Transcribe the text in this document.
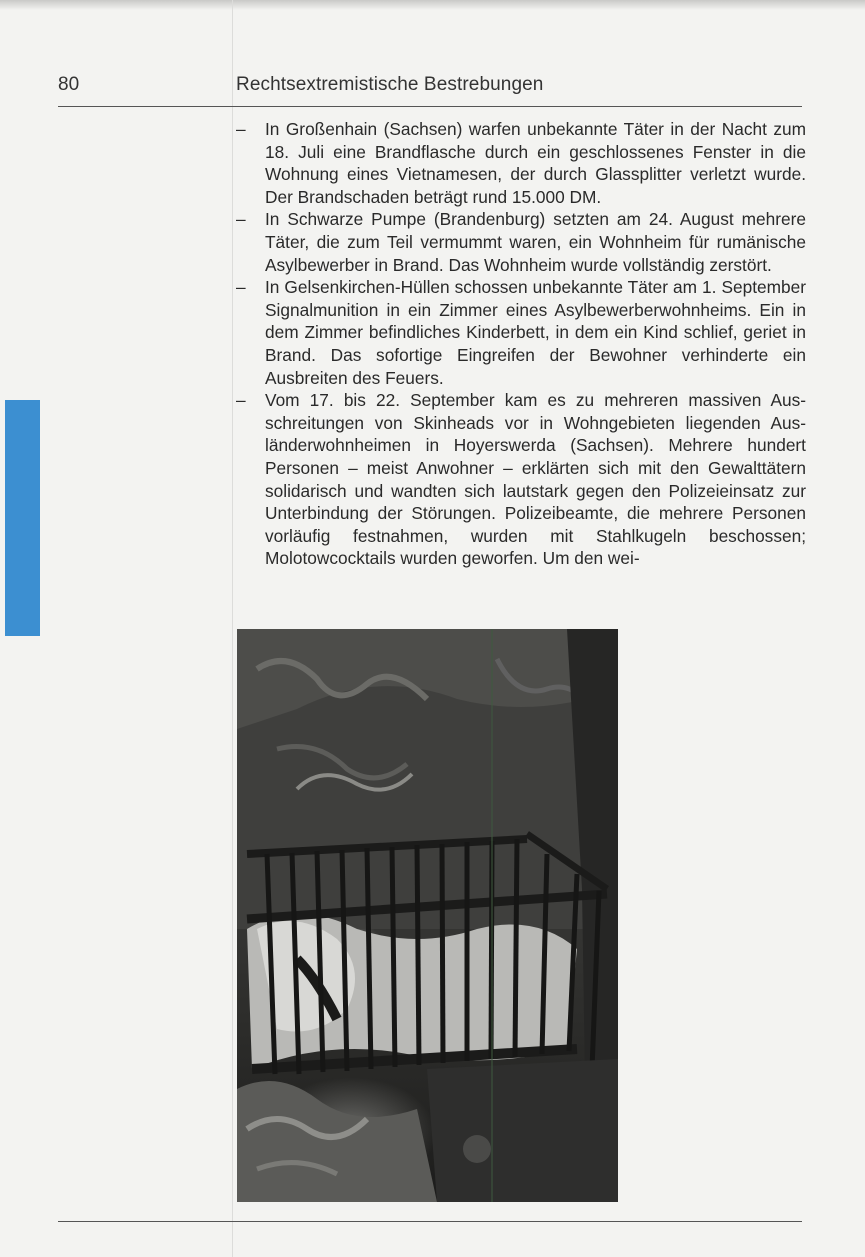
80	Rechtsextremistische Bestrebungen
– In Großenhain (Sachsen) warfen unbekannte Täter in der Nacht zum 18. Juli eine Brandflasche durch ein geschlossenes Fenster in die Wohnung eines Vietnamesen, der durch Glassplitter verletzt wurde. Der Brandschaden beträgt rund 15.000 DM.
– In Schwarze Pumpe (Brandenburg) setzten am 24. August mehrere Täter, die zum Teil vermummt waren, ein Wohnheim für rumänische Asylbewerber in Brand. Das Wohnheim wurde vollständig zerstört.
– In Gelsenkirchen-Hüllen schossen unbekannte Täter am 1. September Signalmunition in ein Zimmer eines Asylbewerberwohnheims. Ein in dem Zimmer befindliches Kinderbett, in dem ein Kind schlief, geriet in Brand. Das sofortige Eingreifen der Bewohner verhinderte ein Ausbreiten des Feuers.
– Vom 17. bis 22. September kam es zu mehreren massiven Ausschreitungen von Skinheads vor in Wohngebieten liegenden Ausländerwohnheimen in Hoyerswerda (Sachsen). Mehrere hundert Personen – meist Anwohner – erklärten sich mit den Gewalttätern solidarisch und wandten sich lautstark gegen den Polizeieinsatz zur Unterbindung der Störungen. Polizeibeamte, die mehrere Personen vorläufig festnahmen, wurden mit Stahlkugeln beschossen; Molotowcocktails wurden geworfen. Um den wei-
